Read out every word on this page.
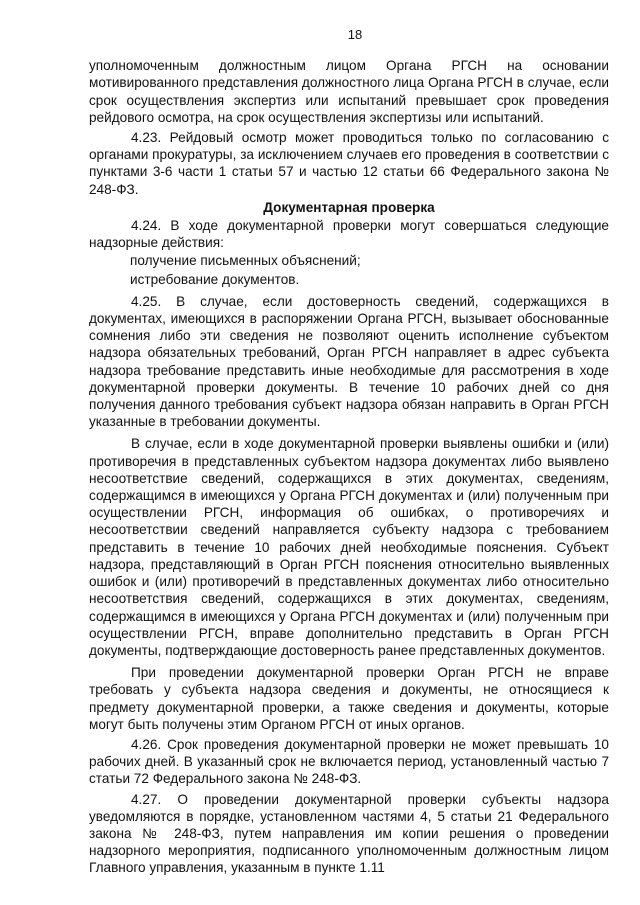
18

уполномоченным должностным лицом Органа РГСН на основании мотивированного представления должностного лица Органа РГСН в случае, если срок осуществления экспертиз или испытаний превышает срок проведения рейдового осмотра, на срок осуществления экспертизы или испытаний.

4.23. Рейдовый осмотр может проводиться только по согласованию с органами прокуратуры, за исключением случаев его проведения в соответствии с пунктами 3-6 части 1 статьи 57 и частью 12 статьи 66 Федерального закона № 248-ФЗ.

Документарная проверка

4.24. В ходе документарной проверки могут совершаться следующие надзорные действия:

получение письменных объяснений;

истребование документов.

4.25. В случае, если достоверность сведений, содержащихся в документах, имеющихся в распоряжении Органа РГСН, вызывает обоснованные сомнения либо эти сведения не позволяют оценить исполнение субъектом надзора обязательных требований, Орган РГСН направляет в адрес субъекта надзора требование представить иные необходимые для рассмотрения в ходе документарной проверки документы. В течение 10 рабочих дней со дня получения данного требования субъект надзора обязан направить в Орган РГСН указанные в требовании документы.

В случае, если в ходе документарной проверки выявлены ошибки и (или) противоречия в представленных субъектом надзора документах либо выявлено несоответствие сведений, содержащихся в этих документах, сведениям, содержащимся в имеющихся у Органа РГСН документах и (или) полученным при осуществлении РГСН, информация об ошибках, о противоречиях и несоответствии сведений направляется субъекту надзора с требованием представить в течение 10 рабочих дней необходимые пояснения. Субъект надзора, представляющий в Орган РГСН пояснения относительно выявленных ошибок и (или) противоречий в представленных документах либо относительно несоответствия сведений, содержащихся в этих документах, сведениям, содержащимся в имеющихся у Органа РГСН документах и (или) полученным при осуществлении РГСН, вправе дополнительно представить в Орган РГСН документы, подтверждающие достоверность ранее представленных документов.

При проведении документарной проверки Орган РГСН не вправе требовать у субъекта надзора сведения и документы, не относящиеся к предмету документарной проверки, а также сведения и документы, которые могут быть получены этим Органом РГСН от иных органов.

4.26. Срок проведения документарной проверки не может превышать 10 рабочих дней. В указанный срок не включается период, установленный частью 7 статьи 72 Федерального закона № 248-ФЗ.

4.27. О проведении документарной проверки субъекты надзора уведомляются в порядке, установленном частями 4, 5 статьи 21 Федерального закона № 248-ФЗ, путем направления им копии решения о проведении надзорного мероприятия, подписанного уполномоченным должностным лицом Главного управления, указанным в пункте 1.11
